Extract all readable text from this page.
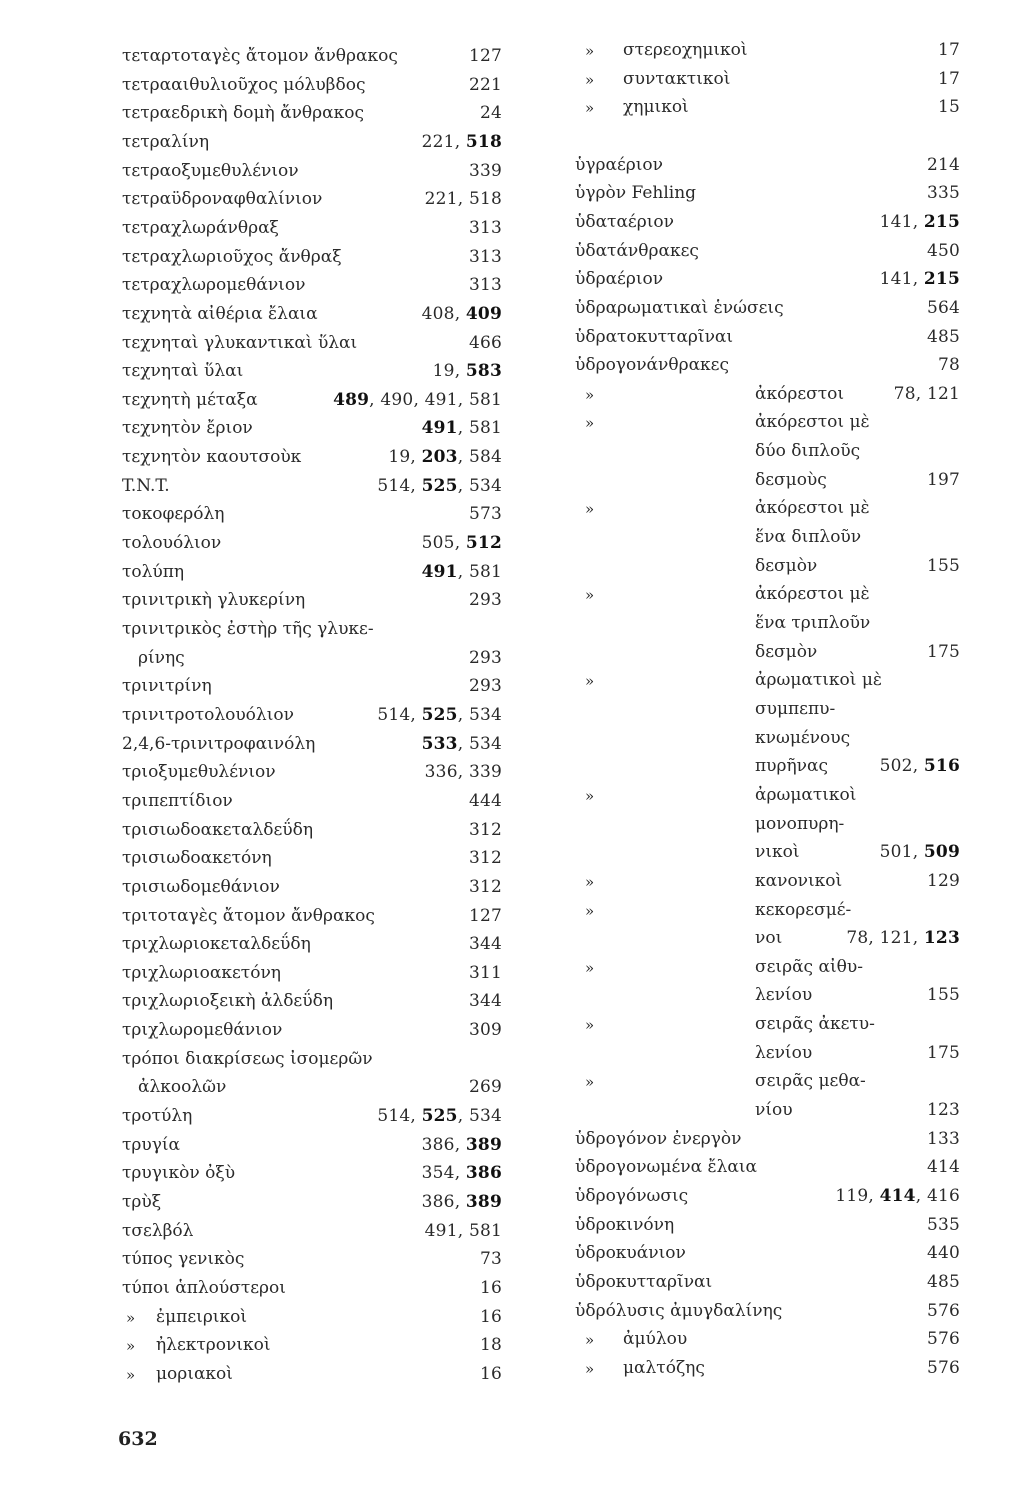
τεταρτοταγὲς ἄτομον ἄνθρακος	127
τετρααιθυλιοῦχος μόλυβδος	221
τετραεδρικὴ δομὴ ἄνθρακος	24
τετραλίνη	221, 518
τετραοξυμεθυλένιον	339
τετραϋδροναφθαλίνιον	221, 518
τετραχλωράνθραξ	313
τετραχλωριοῦχος ἄνθραξ	313
τετραχλωρομεθάνιον	313
τεχνητὰ αἰθέρια ἔλαια	408, 409
τεχνηταὶ γλυκαντικαὶ ὕλαι	466
τεχνηταὶ ὕλαι	19, 583
τεχνητὴ μέταξα	489, 490, 491, 581
τεχνητὸν ἔριον	491, 581
τεχνητὸν καουτσοὺκ	19, 203, 584
T.N.T.	514, 525, 534
τοκοφερόλη	573
τολουόλιον	505, 512
τολύπη	491, 581
τρινιτρικὴ γλυκερίνη	293
τρινιτρικὸς ἐστὴρ τῆς γλυκε-
ρίνης	293
τρινιτρίνη	293
τρινιτροτολουόλιον	514, 525, 534
2,4,6-τρινιτροφαινόλη	533, 534
τριοξυμεθυλένιον	336, 339
τριπεπτίδιον	444
τρισιωδοακεταλδεΰδη	312
τρισιωδοακετόνη	312
τρισιωδομεθάνιον	312
τριτοταγὲς ἄτομον ἄνθρακος	127
τριχλωριοκεταλδεΰδη	344
τριχλωριοακετόνη	311
τριχλωριοξεικὴ ἀλδεΰδη	344
τριχλωρομεθάνιον	309
τρόποι διακρίσεως ἰσομερῶν
ἀλκοολῶν	269
τροτύλη	514, 525, 534
τρυγία	386, 389
τρυγικὸν ὀξὺ	354, 386
τρὺξ	386, 389
τσελβόλ	491, 581
τύπος γενικὸς	73
τύποι ἁπλούστεροι	16
» ἐμπειρικοὶ	16
» ἠλεκτρονικοὶ	18
» μοριακοὶ	16
» στερεοχημικοὶ	17
» συντακτικοὶ	17
» χημικοὶ	15
ὑγραέριον	214
ὑγρὸν Fehling	335
ὑδαταέριον	141, 215
ὑδατάνθρακες	450
ὑδραέριον	141, 215
ὑδραρωματικαὶ ἑνώσεις	564
ὑδρατοκυτταρῖναι	485
ὑδρογονάνθρακες	78
»	ἀκόρεστοι	78, 121
»	ἀκόρεστοι μὲ
δύο διπλοῦς
δεσμοὺς	197
»	ἀκόρεστοι μὲ
ἕνα διπλοῦν
δεσμὸν	155
»	ἀκόρεστοι μὲ
ἕνα τριπλοῦν
δεσμὸν	175
»	ἀρωματικοὶ μὲ
συμπεπυ-
κνωμένους
πυρῆνας	502, 516
»	ἀρωματικοὶ
μονοπυρη-
νικοὶ	501, 509
»	κανονικοὶ	129
»	κεκορεσμέ-
νοι	78, 121, 123
»	σειρᾶς αἰθυ-
λενίου	155
»	σειρᾶς ἀκετυ-
λενίου	175
»	σειρᾶς μεθα-
νίου	123
ὑδρογόνον ἐνεργὸν	133
ὑδρογονωμένα ἔλαια	414
ὑδρογόνωσις	119, 414, 416
ὑδροκινόνη	535
ὑδροκυάνιον	440
ὑδροκυτταρῖναι	485
ὑδρόλυσις ἀμυγδαλίνης	576
» ἀμύλου	576
» μαλτόζης	576
632
